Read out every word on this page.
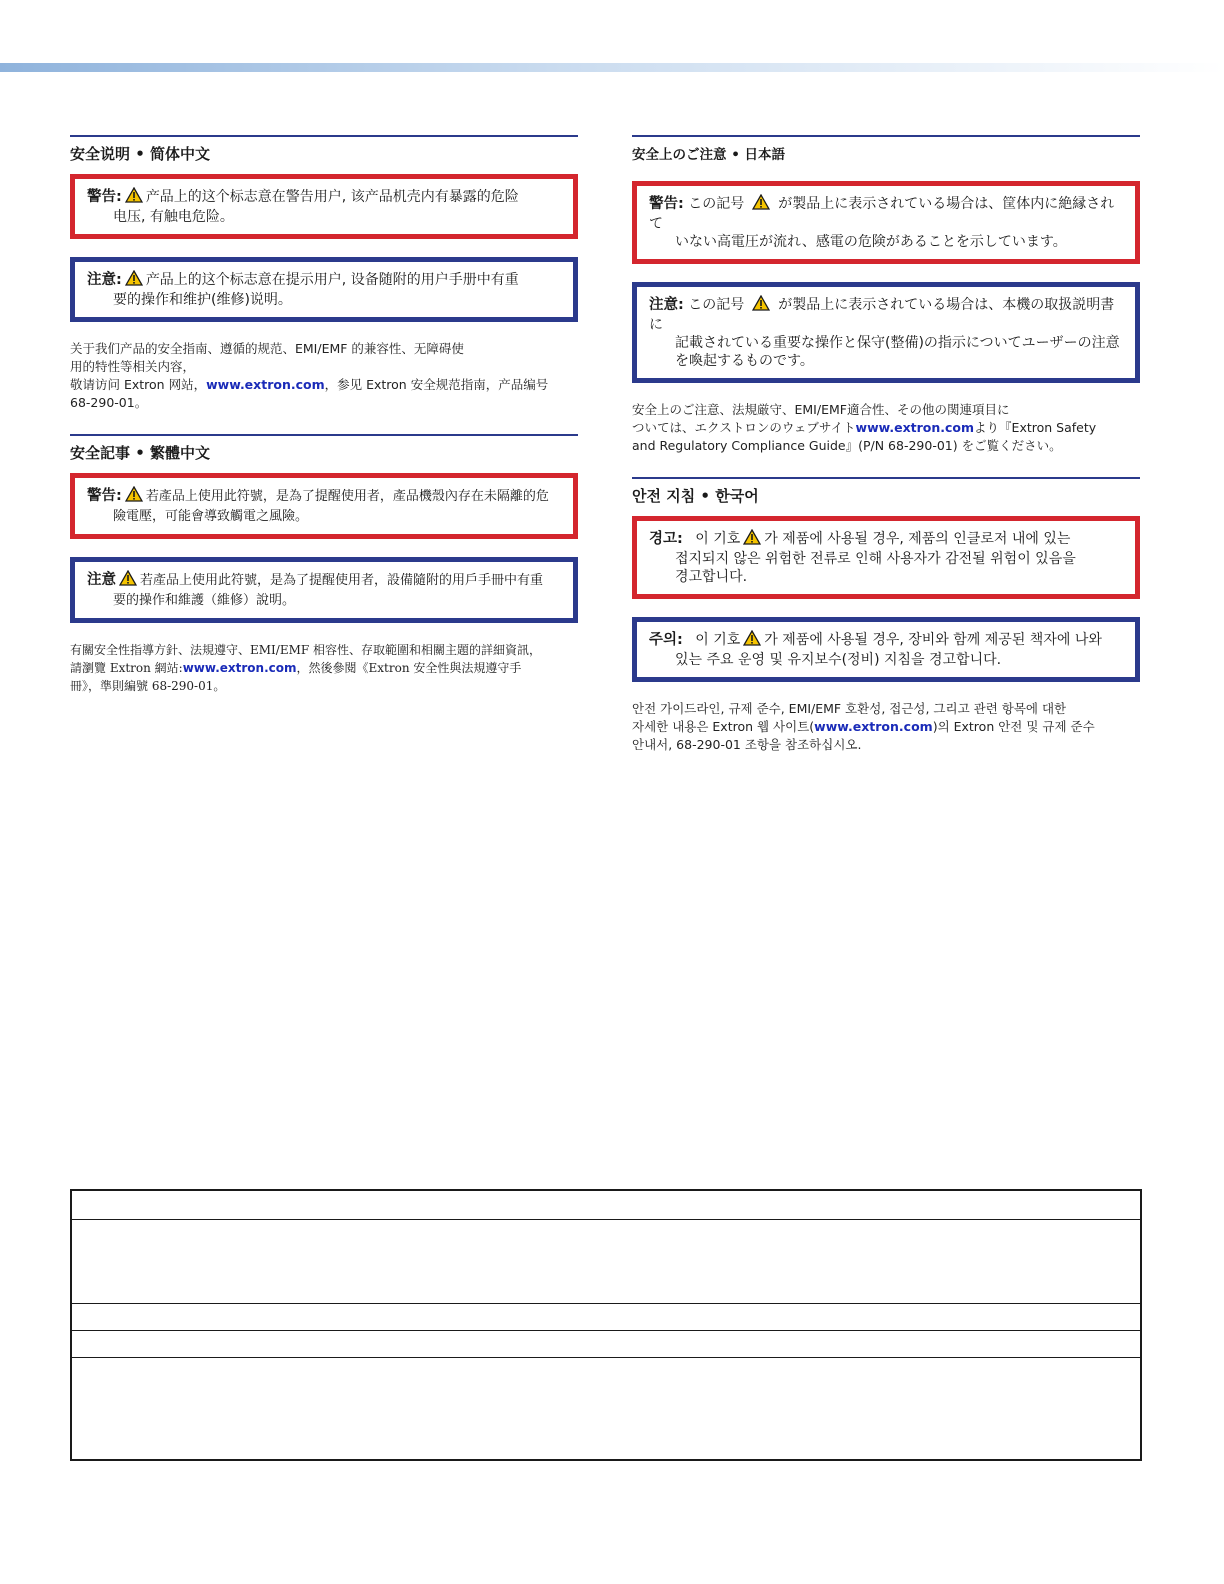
安全说明 • 简体中文
警告: 产品上的这个标志意在警告用户, 该产品机壳内有暴露的危险
电压, 有触电危险。
注意: 产品上的这个标志意在提示用户, 设备随附的用户手册中有重
要的操作和维护(维修)说明。
关于我们产品的安全指南、遵循的规范、EMI/EMF 的兼容性、无障碍使
用的特性等相关内容，
敬请访问 Extron 网站，www.extron.com，参见 Extron 安全规范指南，产品编号
68-290-01。
安全記事 • 繁體中文
警告: 若產品上使用此符號，是為了提醒使用者，產品機殼內存在未隔離的危
險電壓，可能會導致觸電之風險。
注意 若產品上使用此符號，是為了提醒使用者，設備隨附的用戶手冊中有重
要的操作和維護（維修）說明。
有關安全性指導方針、法規遵守、EMI/EMF 相容性、存取範圍和相關主題的詳細資訊，
請瀏覽 Extron 網站:www.extron.com，然後參閱《Extron 安全性與法規遵守手
冊》，準則編號 68-290-01。
安全上のご注意 • 日本語
警告: この記号 が製品上に表示されている場合は、筐体内に絶縁されて
いない高電圧が流れ、感電の危険があることを示しています。
注意: この記号 が製品上に表示されている場合は、本機の取扱説明書に
記載されている重要な操作と保守(整備)の指示についてユーザーの注意
を喚起するものです。
安全上のご注意、法規厳守、EMI/EMF適合性、その他の関連項目に
ついては、エクストロンのウェブサイトwww.extron.comより『Extron Safety
and Regulatory Compliance Guide』(P/N 68-290-01) をご覧ください。
안전 지침 • 한국어
경고: 이 기호 가 제품에 사용될 경우, 제품의 인클로저 내에 있는
접지되지 않은 위험한 전류로 인해 사용자가 감전될 위험이 있음을
경고합니다.
주의: 이 기호 가 제품에 사용될 경우, 장비와 함께 제공된 책자에 나와
있는 주요 운영 및 유지보수(정비) 지침을 경고합니다.
안전 가이드라인, 규제 준수, EMI/EMF 호환성, 접근성, 그리고 관련 항목에 대한
자세한 내용은 Extron 웹 사이트(www.extron.com)의 Extron 안전 및 규제 준수
안내서, 68-290-01 조항을 참조하십시오.
